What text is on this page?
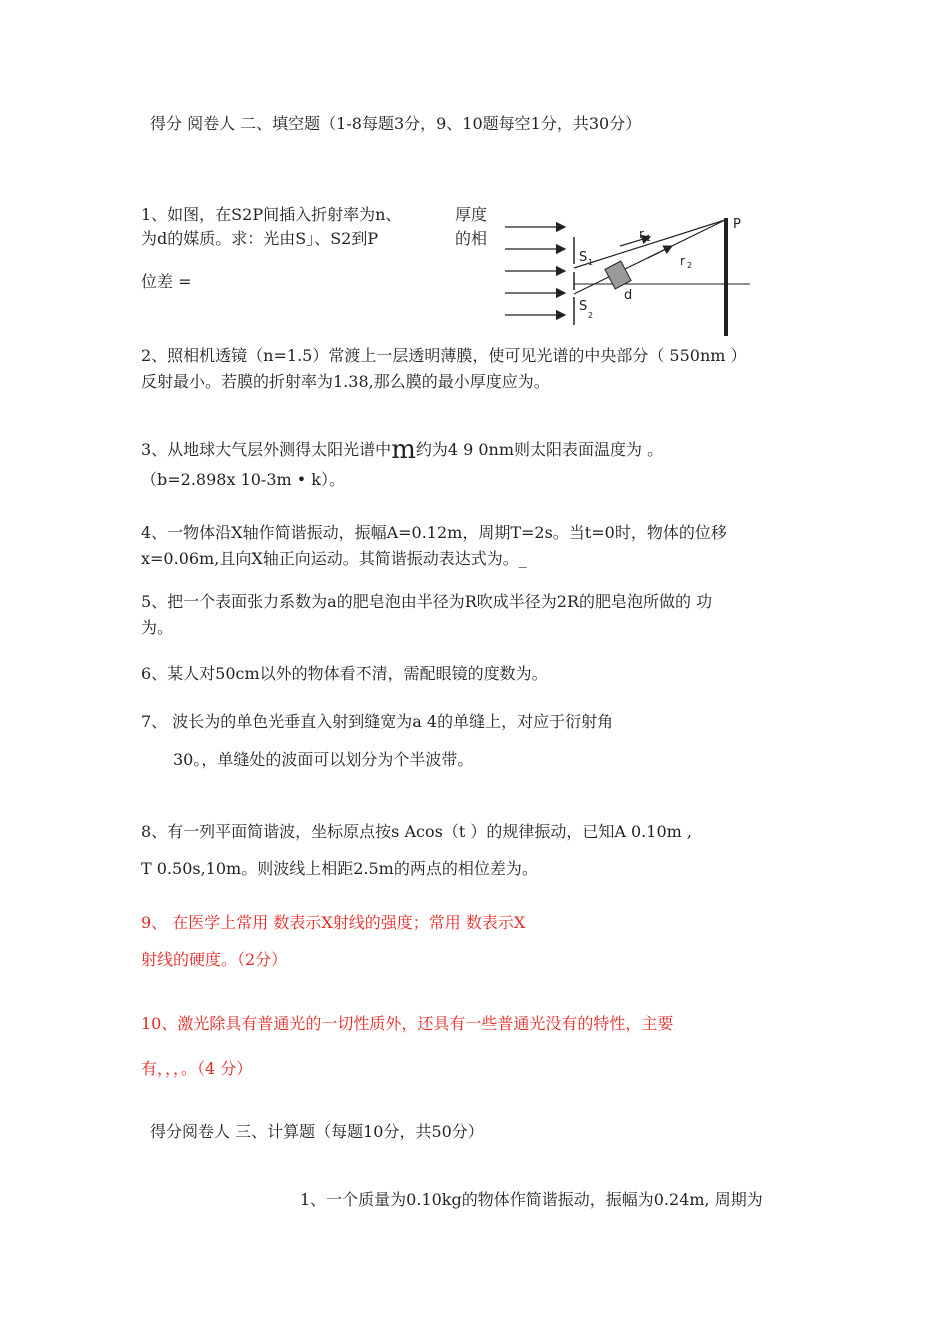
得分 阅卷人 二、填空题（1-8每题3分，9、10题每空1分，共30分）
1、如图，在S2P间插入折射率为n、	厚度
为d的媒质。求：光由S」、S2到P	的相
位差 =
P
r 1
r 2
S 1
S
2
d
2、照相机透镜（n=1.5）常渡上一层透明薄膜，使可见光谱的中央部分（ 550nm ）
反射最小。若膜的折射率为1.38,那么膜的最小厚度应为。
3、从地球大气层外测得太阳光谱中m约为4 9 0nm则太阳表面温度为 。
（b=2.898x 10-3m • k）。
4、一物体沿X轴作简谐振动，振幅A=0.12m，周期T=2s。当t=0时，物体的位移
x=0.06m,且向X轴正向运动。其简谐振动表达式为。_
5、把一个表面张力系数为a的肥皂泡由半径为R吹成半径为2R的肥皂泡所做的 功
为。
6、某人对50cm以外的物体看不清，需配眼镜的度数为。
7、 波长为的单色光垂直入射到缝宽为a 4的单缝上，对应于衍射角
30。，单缝处的波面可以划分为个半波带。
8、有一列平面简谐波，坐标原点按s Acos（t ）的规律振动，已知A 0.10m ,
T 0.50s,10m。则波线上相距2.5m的两点的相位差为。
9、 在医学上常用 数表示X射线的强度；常用 数表示X
射线的硬度。（2分）
10、激光除具有普通光的一切性质外，还具有一些普通光没有的特性，主要
有，，，。（4 分）
得分阅卷人 三、计算题（每题10分，共50分）
1、一个质量为0.10kg的物体作简谐振动，振幅为0.24m, 周期为
